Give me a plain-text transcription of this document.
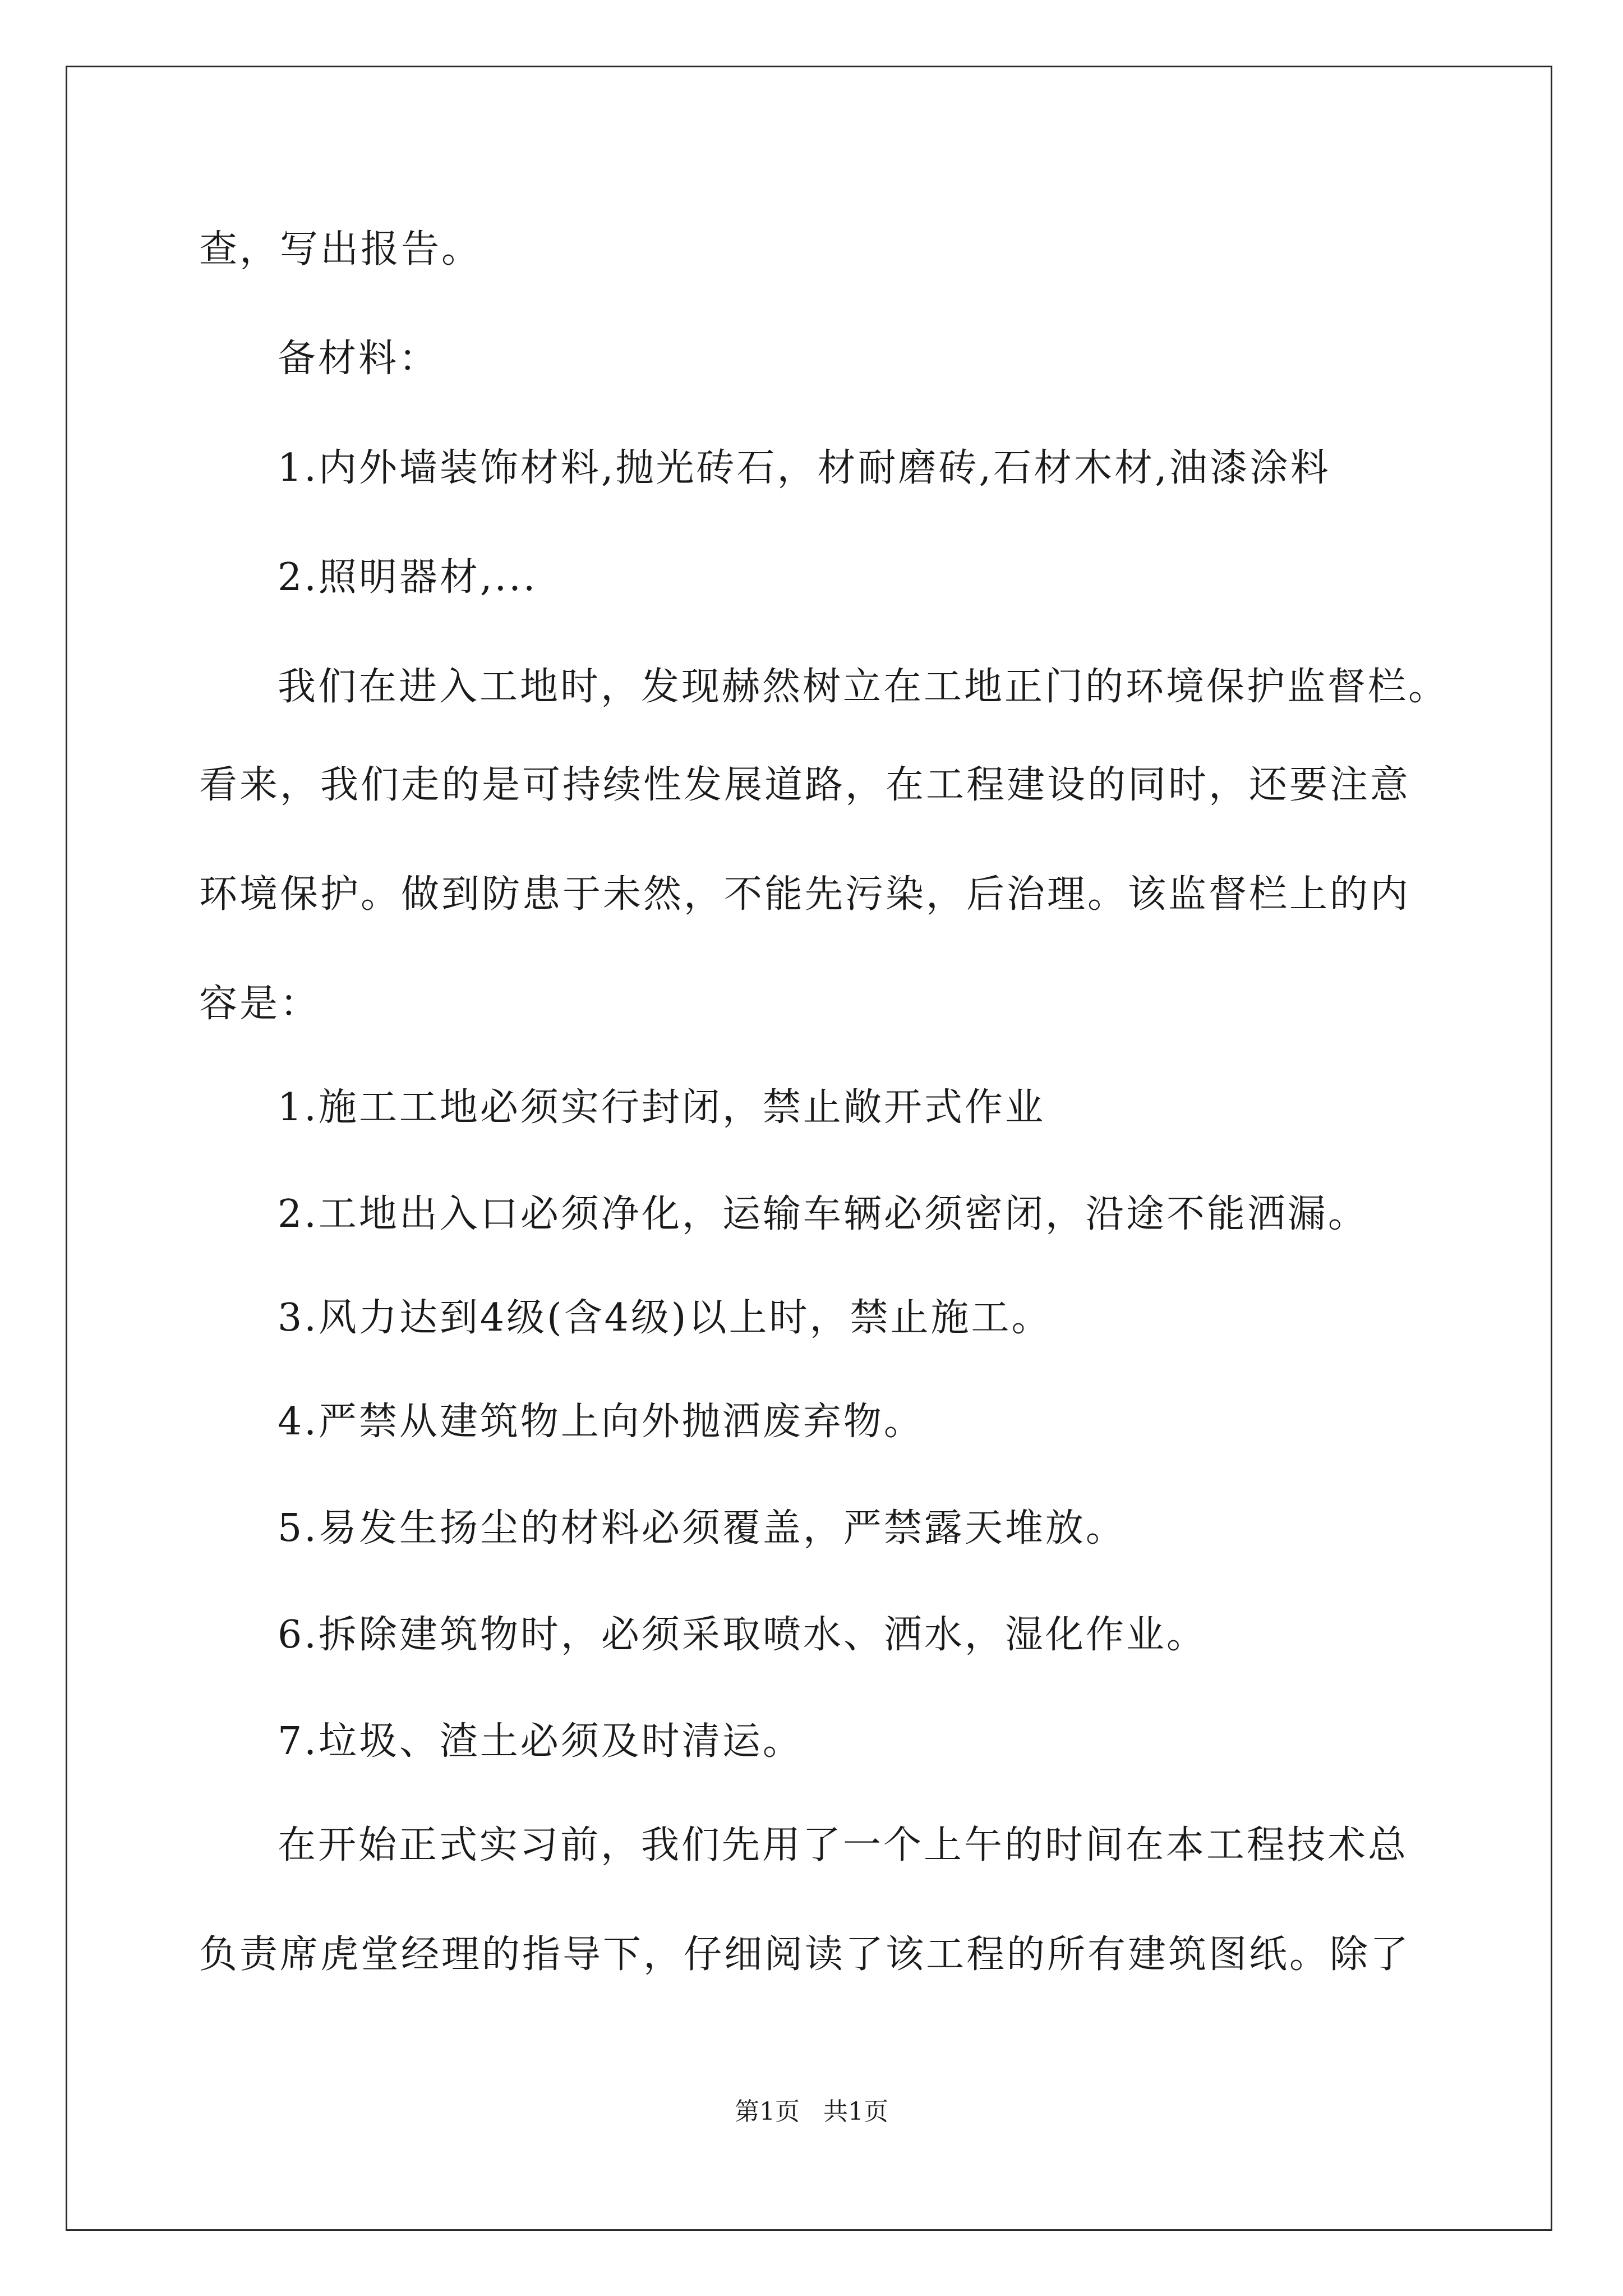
查，写出报告。
备材料：
1.内外墙装饰材料,抛光砖石，材耐磨砖,石材木材,油漆涂料
2.照明器材,...
我们在进入工地时，发现赫然树立在工地正门的环境保护监督栏。
看来，我们走的是可持续性发展道路，在工程建设的同时，还要注意
环境保护。做到防患于未然，不能先污染，后治理。该监督栏上的内
容是：
1.施工工地必须实行封闭，禁止敞开式作业
2.工地出入口必须净化，运输车辆必须密闭，沿途不能洒漏。
3.风力达到4级(含4级)以上时，禁止施工。
4.严禁从建筑物上向外抛洒废弃物。
5.易发生扬尘的材料必须覆盖，严禁露天堆放。
6.拆除建筑物时，必须采取喷水、洒水，湿化作业。
7.垃圾、渣土必须及时清运。
在开始正式实习前，我们先用了一个上午的时间在本工程技术总
负责席虎堂经理的指导下，仔细阅读了该工程的所有建筑图纸。除了
第1页   共1页
